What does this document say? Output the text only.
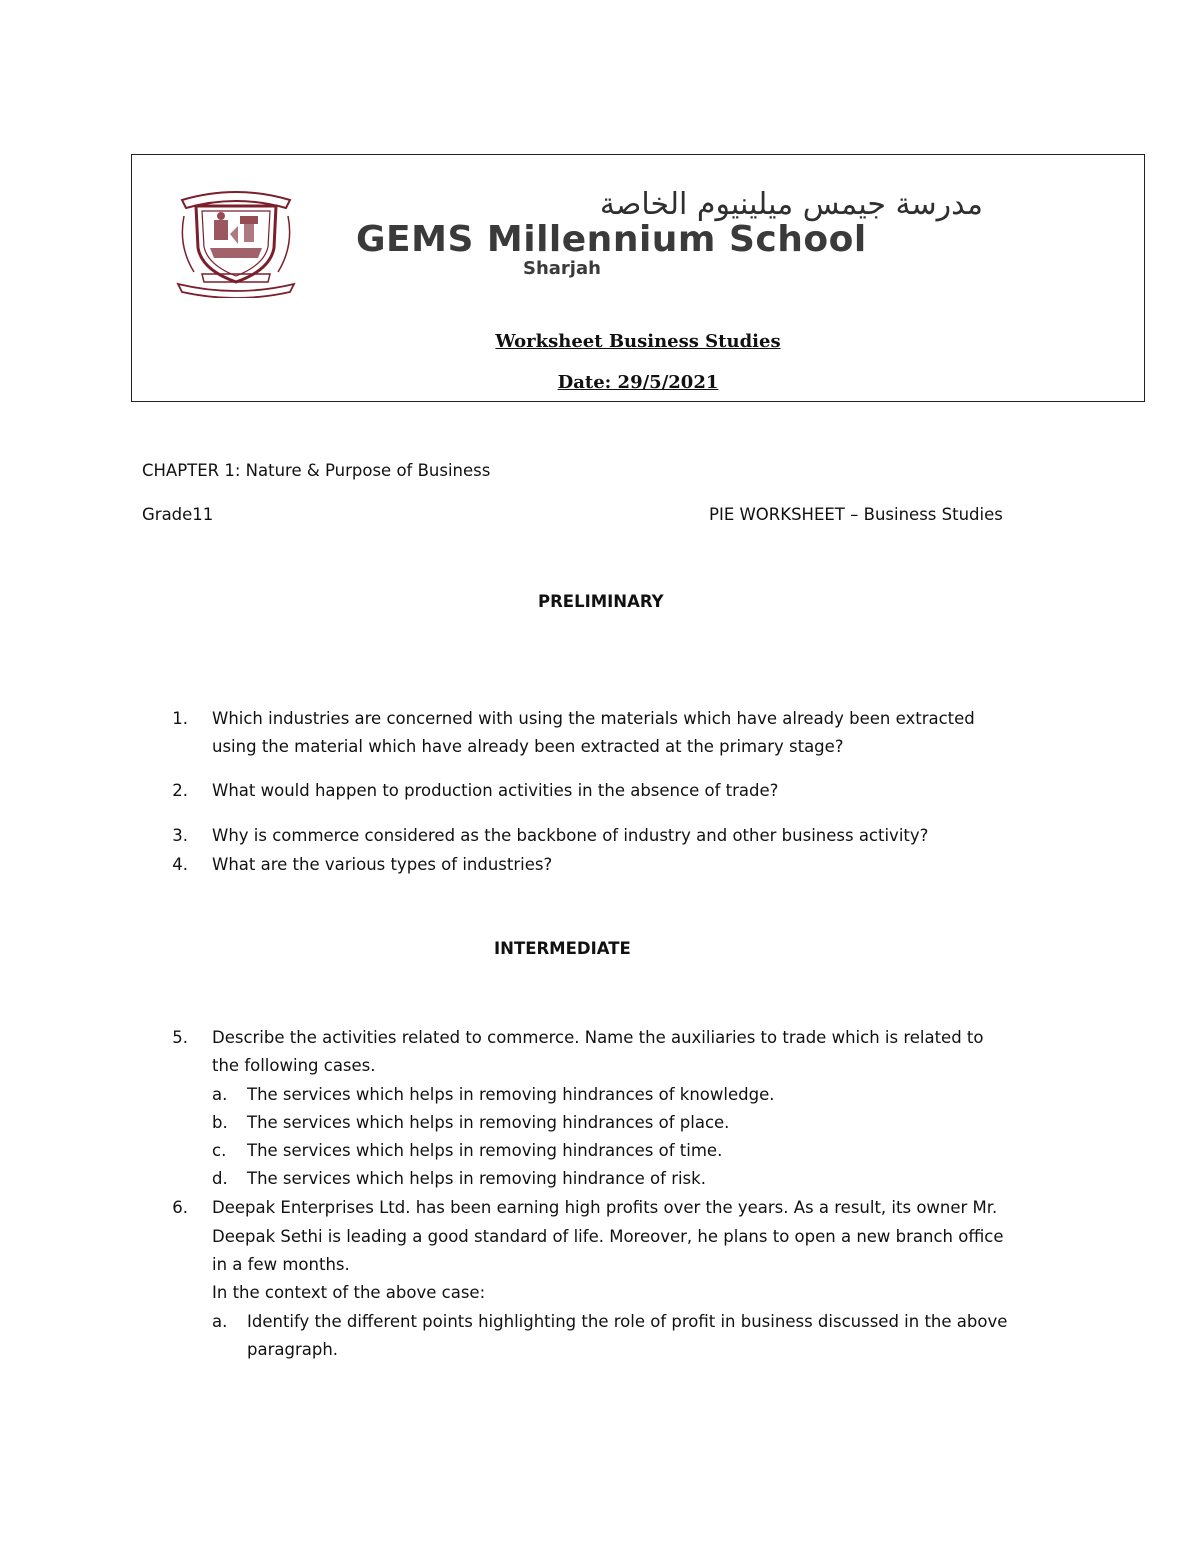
مدرسة جيمس ميلينيوم الخاصة
GEMS Millennium School
Sharjah
Worksheet Business Studies
Date: 29/5/2021
CHAPTER 1: Nature & Purpose of Business
Grade11	PIE WORKSHEET – Business Studies
PRELIMINARY
1. Which industries are concerned with using the materials which have already been extracted
using the material which have already been extracted at the primary stage?
2. What would happen to production activities in the absence of trade?
3. Why is commerce considered as the backbone of industry and other business activity?
4. What are the various types of industries?
INTERMEDIATE
5. Describe the activities related to commerce. Name the auxiliaries to trade which is related to
the following cases.
a. The services which helps in removing hindrances of knowledge.
b. The services which helps in removing hindrances of place.
c. The services which helps in removing hindrances of time.
d. The services which helps in removing hindrance of risk.
6. Deepak Enterprises Ltd. has been earning high profits over the years. As a result, its owner Mr.
Deepak Sethi is leading a good standard of life. Moreover, he plans to open a new branch office
in a few months.
In the context of the above case:
a. Identify the different points highlighting the role of profit in business discussed in the above
paragraph.
